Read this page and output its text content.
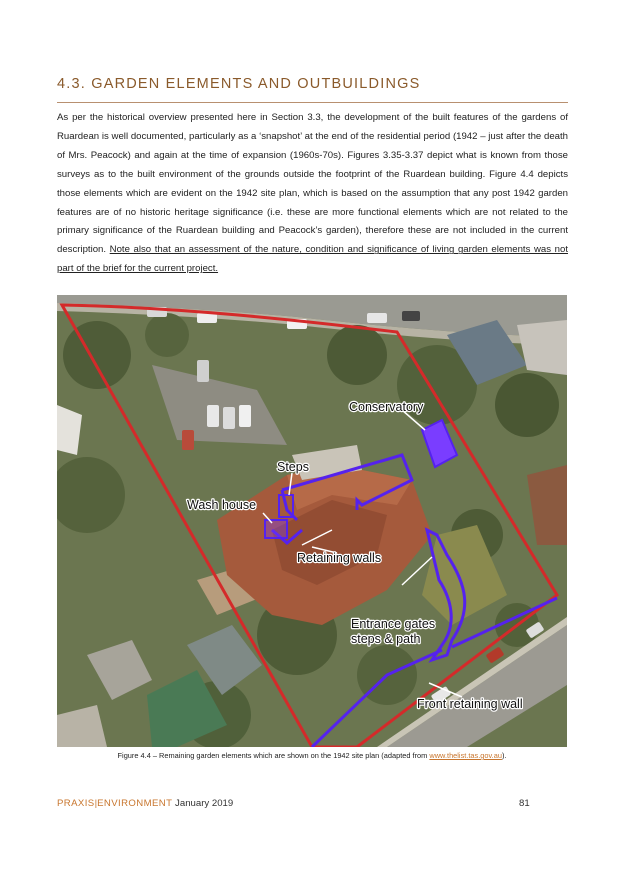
4.3. GARDEN ELEMENTS AND OUTBUILDINGS
As per the historical overview presented here in Section 3.3, the development of the built features of the gardens of Ruardean is well documented, particularly as a ‘snapshot’ at the end of the residential period (1942 – just after the death of Mrs. Peacock) and again at the time of expansion (1960s-70s). Figures 3.35-3.37 depict what is known from those surveys as to the built environment of the grounds outside the footprint of the Ruardean building. Figure 4.4 depicts those elements which are evident on the 1942 site plan, which is based on the assumption that any post 1942 garden features are of no historic heritage significance (i.e. these are more functional elements which are not related to the primary significance of the Ruardean building and Peacock’s garden), therefore these are not included in the current description. Note also that an assessment of the nature, condition and significance of living garden elements was not part of the brief for the current project.
Conservatory
Steps
Wash house
Retaining walls
Entrance gates
steps & path
Front retaining wall
Figure 4.4 – Remaining garden elements which are shown on the 1942 site plan (adapted from www.thelist.tas.gov.au).
PRAXIS|ENVIRONMENT January 2019	81
